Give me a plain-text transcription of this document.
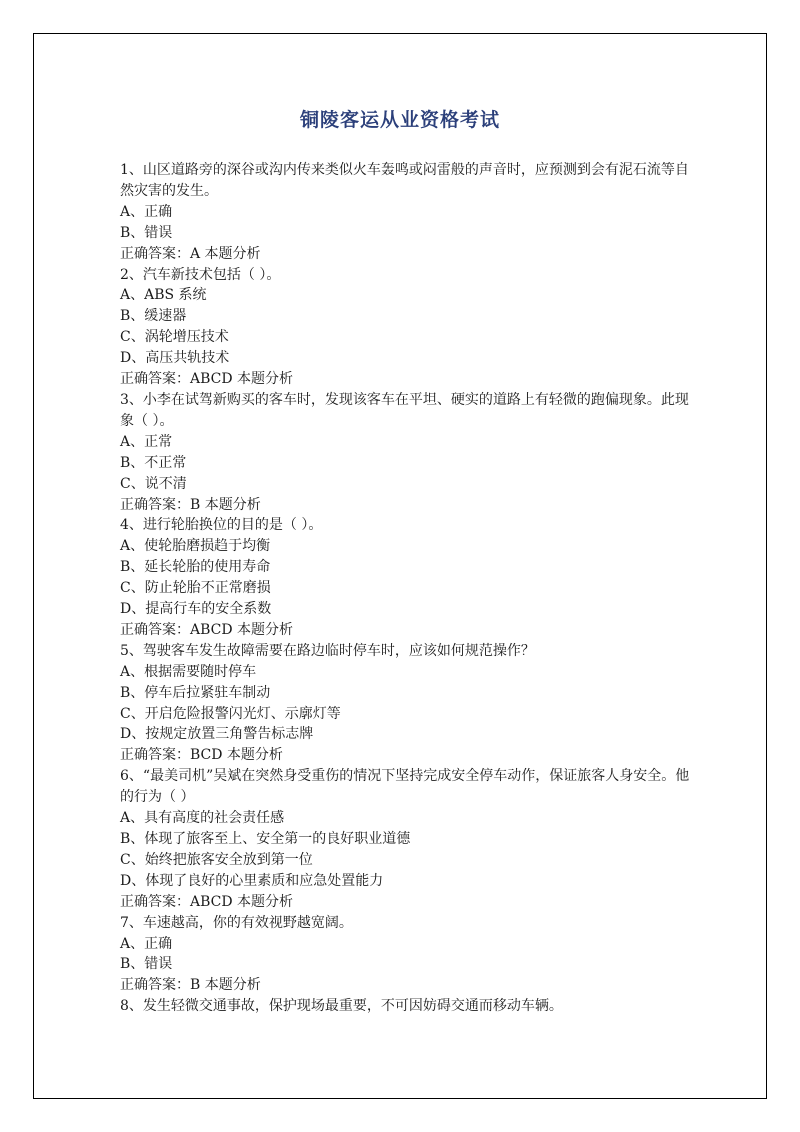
铜陵客运从业资格考试
1、山区道路旁的深谷或沟内传来类似火车轰鸣或闷雷般的声音时，应预测到会有泥石流等自然灾害的发生。
A、正确
B、错误
正确答案：A 本题分析
2、汽车新技术包括（ ）。
A、ABS 系统
B、缓速器
C、涡轮增压技术
D、高压共轨技术
正确答案：ABCD 本题分析
3、小李在试驾新购买的客车时，发现该客车在平坦、硬实的道路上有轻微的跑偏现象。此现象（ ）。
A、正常
B、不正常
C、说不清
正确答案：B 本题分析
4、进行轮胎换位的目的是（ ）。
A、使轮胎磨损趋于均衡
B、延长轮胎的使用寿命
C、防止轮胎不正常磨损
D、提高行车的安全系数
正确答案：ABCD 本题分析
5、驾驶客车发生故障需要在路边临时停车时，应该如何规范操作？
A、根据需要随时停车
B、停车后拉紧驻车制动
C、开启危险报警闪光灯、示廓灯等
D、按规定放置三角警告标志牌
正确答案：BCD 本题分析
6、“最美司机”吴斌在突然身受重伤的情况下坚持完成安全停车动作，保证旅客人身安全。他的行为（ ）
A、具有高度的社会责任感
B、体现了旅客至上、安全第一的良好职业道德
C、始终把旅客安全放到第一位
D、体现了良好的心里素质和应急处置能力
正确答案：ABCD 本题分析
7、车速越高，你的有效视野越宽阔。
A、正确
B、错误
正确答案：B 本题分析
8、发生轻微交通事故，保护现场最重要，不可因妨碍交通而移动车辆。
